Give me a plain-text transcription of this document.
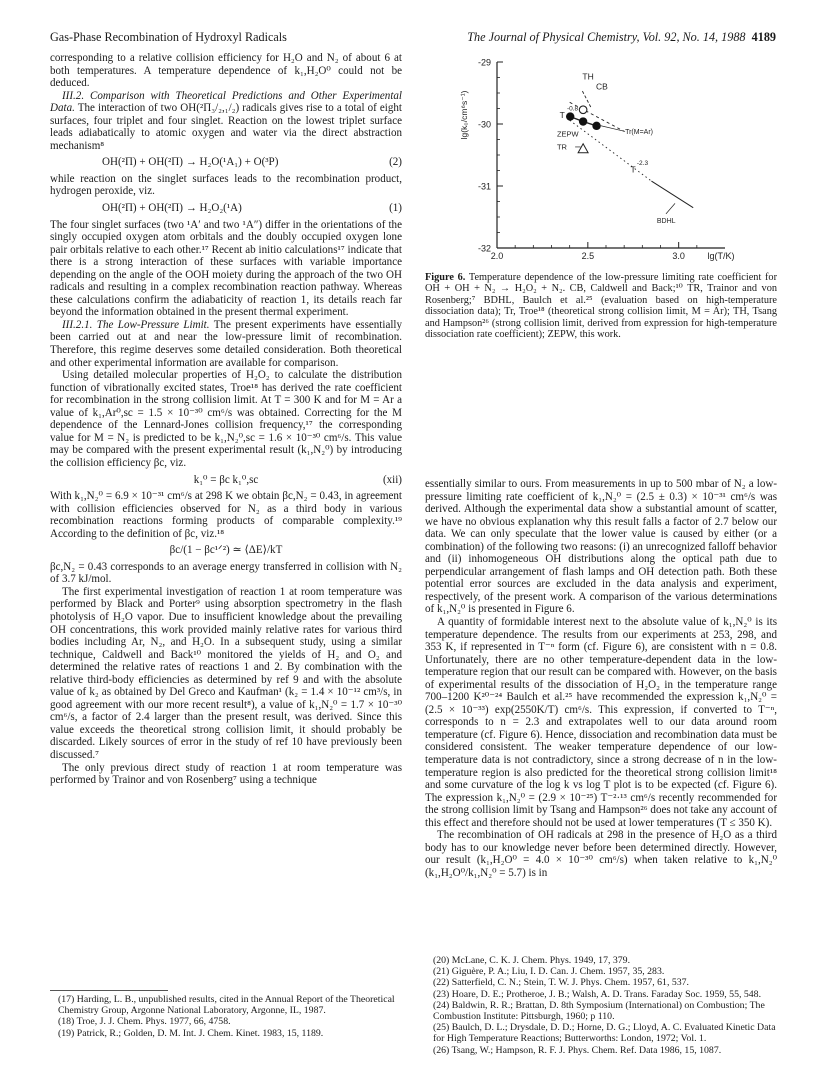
Gas-Phase Recombination of Hydroxyl Radicals	The Journal of Physical Chemistry, Vol. 92, No. 14, 1988 4189

corresponding to a relative collision efficiency for H₂O and N₂ of about 6 at both temperatures. A temperature dependence of k₁,H₂O⁰ could not be deduced.

III.2. Comparison with Theoretical Predictions and Other Experimental Data. The interaction of two OH(²Π₃/₂,₁/₂) radicals gives rise to a total of eight surfaces, four triplet and four singlet. Reaction on the lowest triplet surface leads adiabatically to atomic oxygen and water via the direct abstraction mechanism⁸

OH(²Π) + OH(²Π) → H₂O(¹A₁) + O(³P)	(2)

while reaction on the singlet surfaces leads to the recombination product, hydrogen peroxide, viz.

OH(²Π) + OH(²Π) → H₂O₂(¹A)	(1)

The four singlet surfaces (two ¹A′ and two ¹A″) differ in the orientations of the singly occupied oxygen atom orbitals and the doubly occupied oxygen lone pair orbitals relative to each other.¹⁷ Recent ab initio calculations¹⁷ indicate that there is a strong interaction of these surfaces with variable importance depending on the angle of the OOH moiety during the approach of the two OH radicals and resulting in a complex recombination reaction pathway. Whereas these calculations confirm the adiabaticity of reaction 1, its details reach far beyond the information obtained in the present thermal experiment.

III.2.1. The Low-Pressure Limit. The present experiments have essentially been carried out at and near the low-pressure limit of recombination. Therefore, this regime deserves some detailed consideration. Both theoretical and other experimental information are available for comparison.

Using detailed molecular properties of H₂O₂ to calculate the distribution function of vibrationally excited states, Troe¹⁸ has derived the rate coefficient for recombination in the strong collision limit. At T = 300 K and for M = Ar a value of k₁,Ar⁰,sc = 1.5 × 10⁻³⁰ cm⁶/s was obtained. Correcting for the M dependence of the Lennard-Jones collision frequency,¹⁷ the corresponding value for M = N₂ is predicted to be k₁,N₂⁰,sc = 1.6 × 10⁻³⁰ cm⁶/s. This value may be compared with the present experimental result (k₁,N₂⁰) by introducing the collision efficiency βc, viz.

k₁⁰ = βc k₁⁰,sc	(xii)

With k₁,N₂⁰ = 6.9 × 10⁻³¹ cm⁶/s at 298 K we obtain βc,N₂ = 0.43, in agreement with collision efficiencies observed for N₂ as a third body in various recombination reactions forming products of comparable complexity.¹⁹ According to the definition of βc, viz.¹⁸

βc/(1 − βc¹ᐟ²) ≃ ⟨ΔE⟩/kT

βc,N₂ = 0.43 corresponds to an average energy transferred in collision with N₂ of 3.7 kJ/mol.

The first experimental investigation of reaction 1 at room temperature was performed by Black and Porter⁹ using absorption spectrometry in the flash photolysis of H₂O vapor. Due to insufficient knowledge about the prevailing OH concentrations, this work provided mainly relative rates for various third bodies including Ar, N₂, and H₂O. In a subsequent study, using a similar technique, Caldwell and Back¹⁰ monitored the yields of H₂ and O₂ and determined the relative rates of reactions 1 and 2. By combination with the relative third-body efficiencies as determined by ref 9 and with the absolute value of k₂ as obtained by Del Greco and Kaufman¹ (k₂ = 1.4 × 10⁻¹² cm³/s, in good agreement with our more recent result⁸), a value of k₁,N₂⁰ = 1.7 × 10⁻³⁰ cm⁶/s, a factor of 2.4 larger than the present result, was derived. Since this value exceeds the theoretical strong collision limit, it should probably be discarded. Likely sources of error in the study of ref 10 have previously been discussed.⁷

The only previous direct study of reaction 1 at room temperature was performed by Trainor and von Rosenberg⁷ using a technique

(17) Harding, L. B., unpublished results, cited in the Annual Report of the Theoretical Chemistry Group, Argonne National Laboratory, Argonne, IL, 1987.
(18) Troe, J. J. Chem. Phys. 1977, 66, 4758.
(19) Patrick, R.; Golden, D. M. Int. J. Chem. Kinet. 1983, 15, 1189.
-29
-30
-31
-32
2.0	2.5	3.0	lg(T/K)
lg(k₀/cm⁶s⁻¹)
TH
CB
T
-0.8
ZEPW
TR
Tr(M=Ar)
T
-2.3
BDHL
Figure 6. Temperature dependence of the low-pressure limiting rate coefficient for OH + OH + N₂ → H₂O₂ + N₂. CB, Caldwell and Back;¹⁰ TR, Trainor and von Rosenberg;⁷ BDHL, Baulch et al.²⁵ (evaluation based on high-temperature dissociation data); Tr, Troe¹⁸ (theoretical strong collision limit, M = Ar); TH, Tsang and Hampson²⁶ (strong collision limit, derived from expression for high-temperature dissociation rate coefficient); ZEPW, this work.

essentially similar to ours. From measurements in up to 500 mbar of N₂ a low-pressure limiting rate coefficient of k₁,N₂⁰ = (2.5 ± 0.3) × 10⁻³¹ cm⁶/s was derived. Although the experimental data show a substantial amount of scatter, we have no obvious explanation why this result falls a factor of 2.7 below our data. We can only speculate that the lower value is caused by either (or a combination) of the following two reasons: (i) an unrecognized falloff behavior and (ii) inhomogeneous OH distributions along the optical path due to perpendicular arrangement of flash lamps and OH detection path. Both these potential error sources are excluded in the data analysis and experiment, respectively, of the present work. A comparison of the various determinations of k₁,N₂⁰ is presented in Figure 6.

A quantity of formidable interest next to the absolute value of k₁,N₂⁰ is its temperature dependence. The results from our experiments at 253, 298, and 353 K, if represented in T⁻ⁿ form (cf. Figure 6), are consistent with n = 0.8. Unfortunately, there are no other temperature-dependent data in the low-temperature region that our result can be compared with. However, on the basis of experimental results of the dissociation of H₂O₂ in the temperature range 700–1200 K²⁰⁻²⁴ Baulch et al.²⁵ have recommended the expression k₁,N₂⁰ = (2.5 × 10⁻³³) exp(2550K/T) cm⁶/s. This expression, if converted to T⁻ⁿ, corresponds to n = 2.3 and extrapolates well to our data around room temperature (cf. Figure 6). Hence, dissociation and recombination data must be considered consistent. The weaker temperature dependence of our low-temperature data is not contradictory, since a strong decrease of n in the low-temperature region is also predicted for the theoretical strong collision limit¹⁸ and some curvature of the log k vs log T plot is to be expected (cf. Figure 6). The expression k₁,N₂⁰ = (2.9 × 10⁻²⁵) T⁻²·¹³ cm⁶/s recently recommended for the strong collision limit by Tsang and Hampson²⁶ does not take any account of this effect and therefore should not be used at lower temperatures (T ≤ 350 K).

The recombination of OH radicals at 298 in the presence of H₂O as a third body has to our knowledge never before been determined directly. However, our result (k₁,H₂O⁰ = 4.0 × 10⁻³⁰ cm⁶/s) when taken relative to k₁,N₂⁰ (k₁,H₂O⁰/k₁,N₂⁰ = 5.7) is in

(20) McLane, C. K. J. Chem. Phys. 1949, 17, 379.
(21) Giguère, P. A.; Liu, I. D. Can. J. Chem. 1957, 35, 283.
(22) Satterfield, C. N.; Stein, T. W. J. Phys. Chem. 1957, 61, 537.
(23) Hoare, D. E.; Protheroe, J. B.; Walsh, A. D. Trans. Faraday Soc. 1959, 55, 548.
(24) Baldwin, R. R.; Brattan, D. 8th Symposium (International) on Combustion; The Combustion Institute: Pittsburgh, 1960; p 110.
(25) Baulch, D. L.; Drysdale, D. D.; Horne, D. G.; Lloyd, A. C. Evaluated Kinetic Data for High Temperature Reactions; Butterworths: London, 1972; Vol. 1.
(26) Tsang, W.; Hampson, R. F. J. Phys. Chem. Ref. Data 1986, 15, 1087.
